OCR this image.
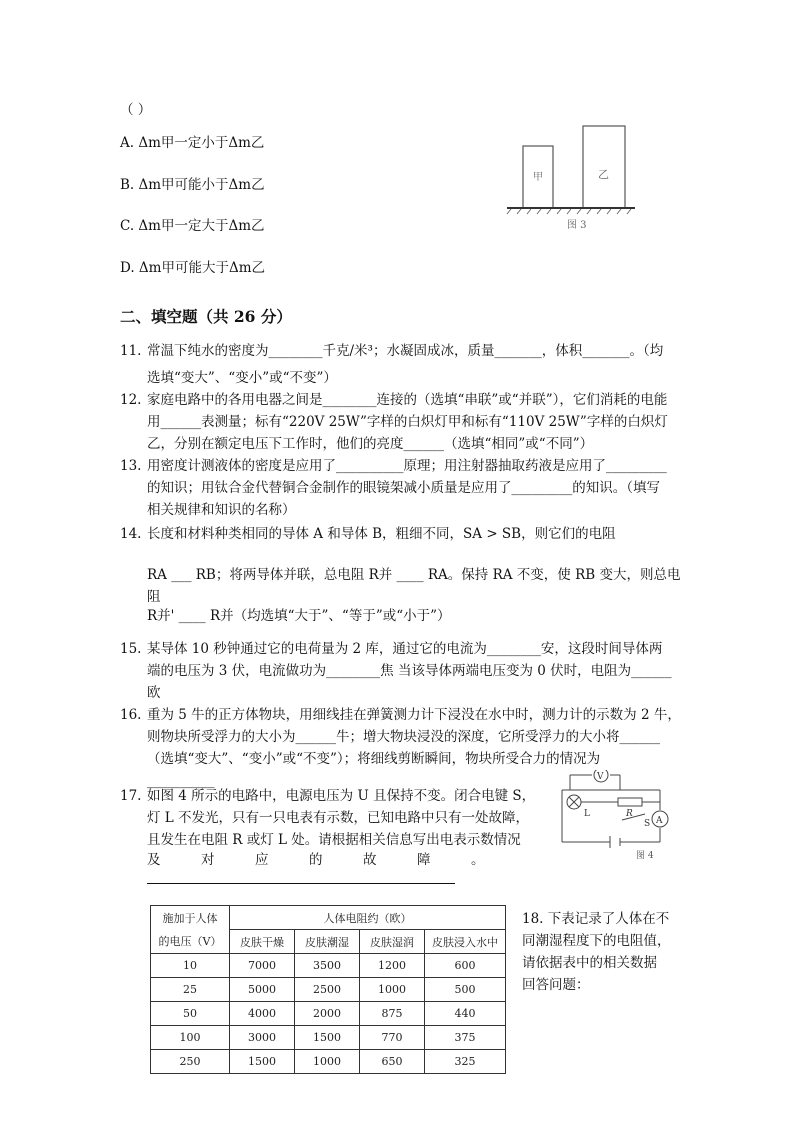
（ ）
A. Δm甲一定小于Δm乙
B. Δm甲可能小于Δm乙
C. Δm甲一定大于Δm乙
D. Δm甲可能大于Δm乙
甲	乙
图 3
二、填空题（共 26 分）
11. 常温下纯水的密度为________千克/米³；水凝固成冰，质量_______，体积_______。（均
选填“变大”、“变小”或“不变”）
12. 家庭电路中的各用电器之间是________连接的（选填“串联”或“并联”），它们消耗的电能
用______表测量；标有“220V 25W”字样的白炽灯甲和标有“110V 25W”字样的白炽灯
乙，分别在额定电压下工作时，他们的亮度______（选填“相同”或“不同”）
13. 用密度计测液体的密度是应用了__________原理；用注射器抽取药液是应用了_________
的知识；用钛合金代替铜合金制作的眼镜架减小质量是应用了_________的知识。（填写
相关规律和知识的名称）
14. 长度和材料种类相同的导体 A 和导体 B，粗细不同，SA > SB，则它们的电阻
RA ___ RB；将两导体并联，总电阻 R并 ____ RA。保持 RA 不变，使 RB 变大，则总电阻
R并' ____ R并（均选填“大于”、“等于”或“小于”）
15. 某导体 10 秒钟通过它的电荷量为 2 库，通过它的电流为________安，这段时间导体两
端的电压为 3 伏，电流做功为________焦 当该导体两端电压变为 0 伏时，电阻为______
欧
16. 重为 5 牛的正方体物块，用细线挂在弹簧测力计下浸没在水中时，测力计的示数为 2 牛，
则物块所受浮力的大小为______牛；增大物块浸没的深度，它所受浮力的大小将______
（选填“变大”、“变小”或“不变”）；将细线剪断瞬间，物块所受合力的情况为
__________
17. 如图 4 所示的电路中，电源电压为 U 且保持不变。闭合电键 S，
灯 L 不发光，只有一只电表有示数，已知电路中只有一处故障，
且发生在电阻 R 或灯 L 处。请根据相关信息写出电表示数情况
及　　　对　　　应　　　的　　　故　　　障　　　。
V
A
L	R
S
图 4
施加于人体	人体电阻约（欧）			
的电压（V）	皮肤干燥	皮肤潮湿	皮肤湿润	皮肤浸入水中
10	7000	3500	1200	600
25	5000	2500	1000	500
50	4000	2000	875	440
100	3000	1500	770	375
250	1500	1000	650	325
18. 下表记录了人体在不
同潮湿程度下的电阻值，
请依据表中的相关数据
回答问题：
